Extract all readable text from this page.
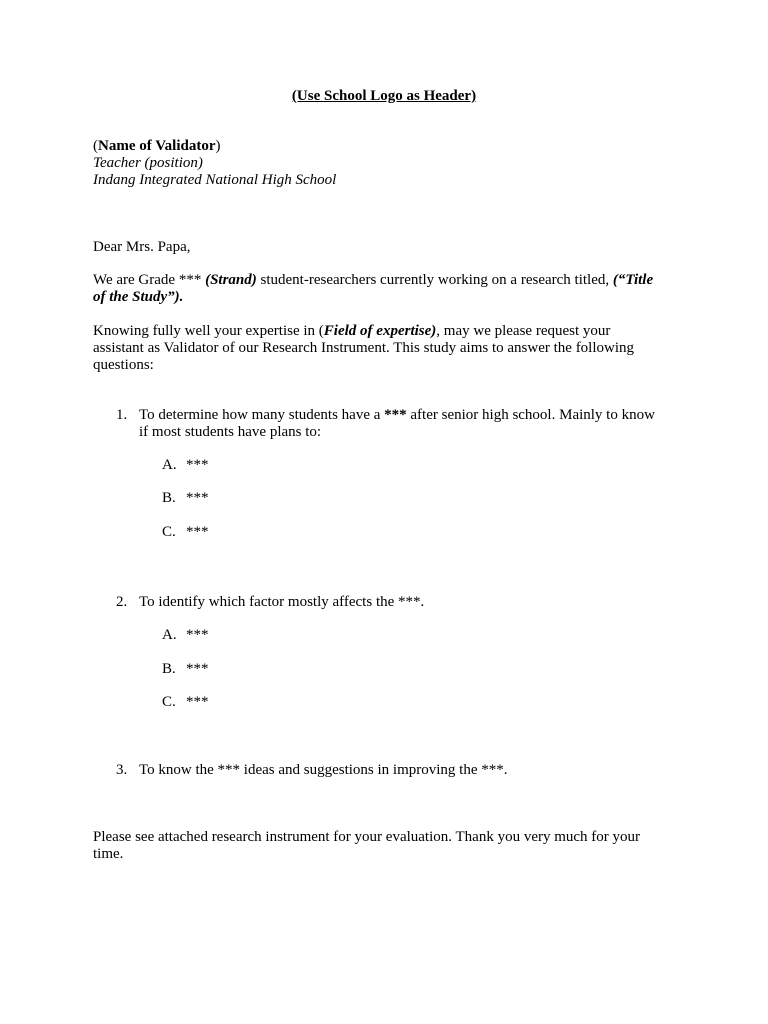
(Use School Logo as Header)
(Name of Validator)
Teacher (position)
Indang Integrated National High School
Dear Mrs. Papa,
We are Grade *** (Strand) student-researchers currently working on a research titled, (“Title
of the Study”).
Knowing fully well your expertise in (Field of expertise), may we please request your
assistant as Validator of our Research Instrument. This study aims to answer the following
questions:
1. To determine how many students have a *** after senior high school. Mainly to know
if most students have plans to:
A. ***
B. ***
C. ***
2. To identify which factor mostly affects the ***.
A. ***
B. ***
C. ***
3. To know the *** ideas and suggestions in improving the ***.
Please see attached research instrument for your evaluation. Thank you very much for your
time.
